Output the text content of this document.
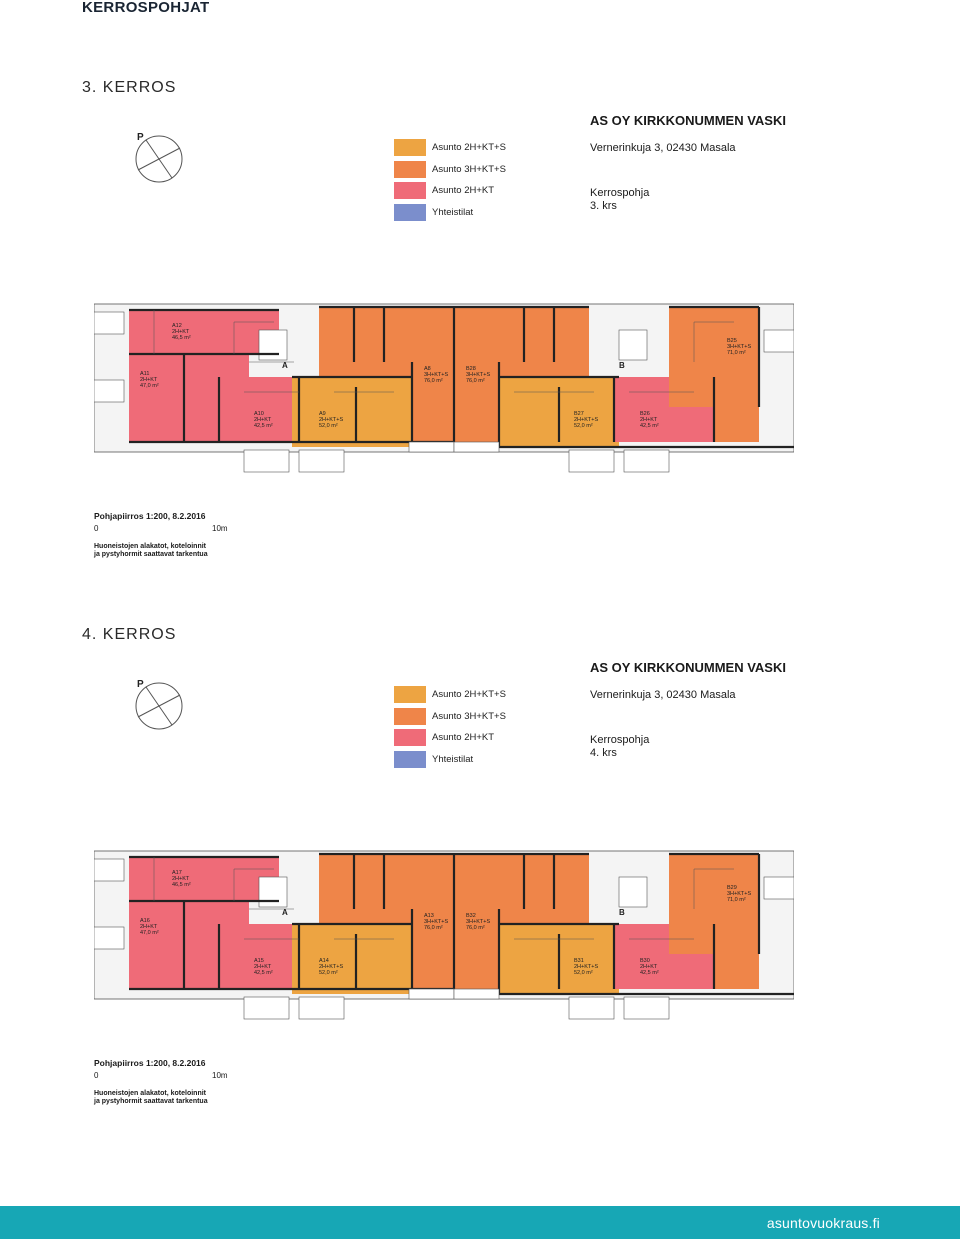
KERROSPOHJAT
3. KERROS
P
Asunto 2H+KT+S
Asunto 3H+KT+S
Asunto 2H+KT
Yhteistilat
AS OY KIRKKONUMMEN VASKI
Vernerinkuja 3, 02430 Masala
Kerrospohja
3. krs
A	B
A12
2H+KT
46,5 m²
A11
2H+KT
47,0 m²
A10
2H+KT
42,5 m²
A9
2H+KT+S
52,0 m²
A8
3H+KT+S
76,0 m²
B28
3H+KT+S
76,0 m²
B27
2H+KT+S
52,0 m²
B26
2H+KT
42,5 m²
B25
3H+KT+S
71,0 m²
Pohjapiirros 1:200, 8.2.2016
0	10m
Huoneistojen alakatot, koteloinnit
ja pystyhormit saattavat tarkentua
4. KERROS
P
Asunto 2H+KT+S
Asunto 3H+KT+S
Asunto 2H+KT
Yhteistilat
AS OY KIRKKONUMMEN VASKI
Vernerinkuja 3, 02430 Masala
Kerrospohja
4. krs
A	B
A17
2H+KT
46,5 m²
A16
2H+KT
47,0 m²
A15
2H+KT
42,5 m²
A14
2H+KT+S
52,0 m²
A13
3H+KT+S
76,0 m²
B32
3H+KT+S
76,0 m²
B31
2H+KT+S
52,0 m²
B30
2H+KT
42,5 m²
B29
3H+KT+S
71,0 m²
Pohjapiirros 1:200, 8.2.2016
0	10m
Huoneistojen alakatot, koteloinnit
ja pystyhormit saattavat tarkentua
asuntovuokraus.fi
